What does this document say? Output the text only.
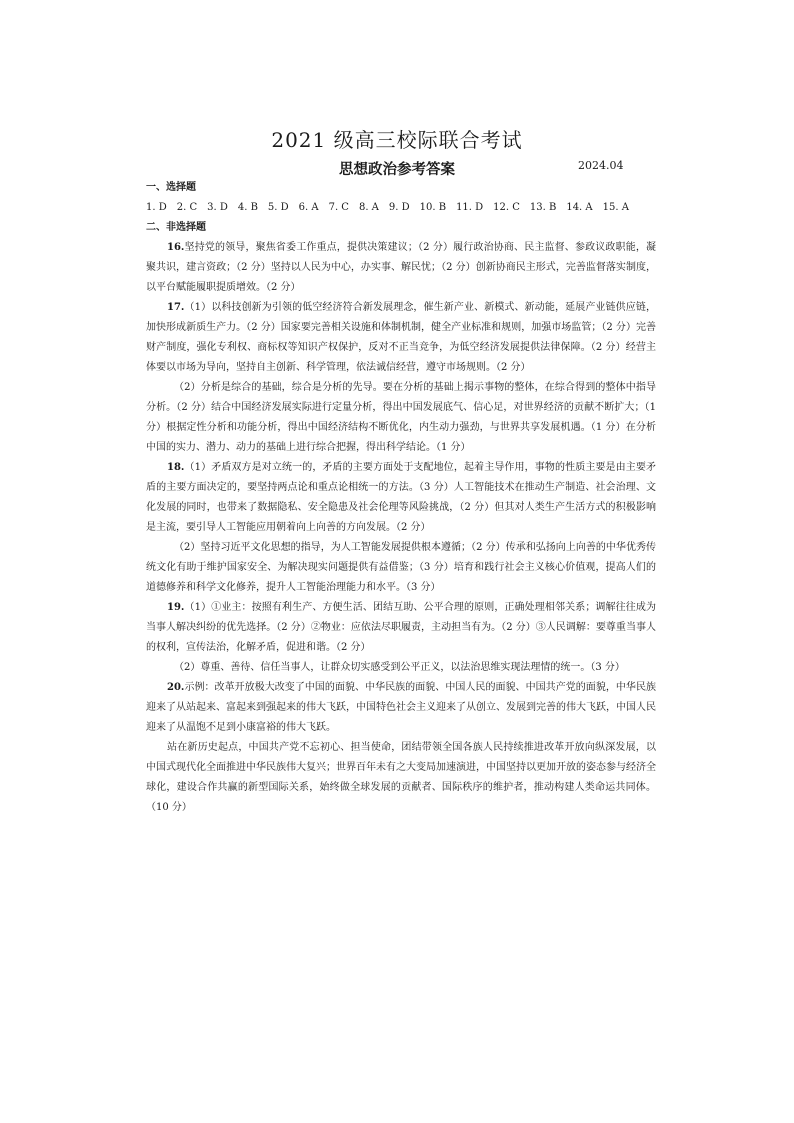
2021 级高三校际联合考试
思想政治参考答案	2024.04

一、选择题

1. D　2. C　3. D　4. B　5. D　6. A　7. C　8. A　9. D　10. B　11. D　12. C　13. B　14. A　15. A

二、非选择题

16.坚持党的领导，聚焦省委工作重点，提供决策建议；（2 分）履行政治协商、民主监督、参政议政职能，凝聚共识，建言资政；（2 分）坚持以人民为中心，办实事、解民忧；（2 分）创新协商民主形式，完善监督落实制度，以平台赋能履职提质增效。（2 分）

17.（1）以科技创新为引领的低空经济符合新发展理念，催生新产业、新模式、新动能，延展产业链供应链，加快形成新质生产力。（2 分）国家要完善相关设施和体制机制，健全产业标准和规则，加强市场监管；（2 分）完善财产制度，强化专利权、商标权等知识产权保护，反对不正当竞争，为低空经济发展提供法律保障。（2 分）经营主体要以市场为导向，坚持自主创新、科学管理，依法诚信经营，遵守市场规则。（2 分）

（2）分析是综合的基础，综合是分析的先导。要在分析的基础上揭示事物的整体，在综合得到的整体中指导分析。（2 分）结合中国经济发展实际进行定量分析，得出中国发展底气、信心足，对世界经济的贡献不断扩大；（1 分）根据定性分析和功能分析，得出中国经济结构不断优化，内生动力强劲，与世界共享发展机遇。（1 分）在分析中国的实力、潜力、动力的基础上进行综合把握，得出科学结论。（1 分）

18.（1）矛盾双方是对立统一的，矛盾的主要方面处于支配地位，起着主导作用，事物的性质主要是由主要矛盾的主要方面决定的，要坚持两点论和重点论相统一的方法。（3 分）人工智能技术在推动生产制造、社会治理、文化发展的同时，也带来了数据隐私、安全隐患及社会伦理等风险挑战，（2 分）但其对人类生产生活方式的积极影响是主流，要引导人工智能应用朝着向上向善的方向发展。（2 分）

（2）坚持习近平文化思想的指导，为人工智能发展提供根本遵循；（2 分）传承和弘扬向上向善的中华优秀传统文化有助于维护国家安全、为解决现实问题提供有益借鉴；（3 分）培育和践行社会主义核心价值观，提高人们的道德修养和科学文化修养，提升人工智能治理能力和水平。（3 分）

19.（1）①业主：按照有利生产、方便生活、团结互助、公平合理的原则，正确处理相邻关系；调解往往成为当事人解决纠纷的优先选择。（2 分）②物业：应依法尽职履责，主动担当有为。（2 分）③人民调解：要尊重当事人的权利，宣传法治，化解矛盾，促进和谐。（2 分）

（2）尊重、善待、信任当事人，让群众切实感受到公平正义，以法治思维实现法理情的统一。（3 分）

20.示例：改革开放极大改变了中国的面貌、中华民族的面貌、中国人民的面貌、中国共产党的面貌，中华民族迎来了从站起来、富起来到强起来的伟大飞跃，中国特色社会主义迎来了从创立、发展到完善的伟大飞跃，中国人民迎来了从温饱不足到小康富裕的伟大飞跃。

站在新历史起点，中国共产党不忘初心、担当使命，团结带领全国各族人民持续推进改革开放向纵深发展，以中国式现代化全面推进中华民族伟大复兴；世界百年未有之大变局加速演进，中国坚持以更加开放的姿态参与经济全球化，建设合作共赢的新型国际关系，始终做全球发展的贡献者、国际秩序的维护者，推动构建人类命运共同体。（10 分）
